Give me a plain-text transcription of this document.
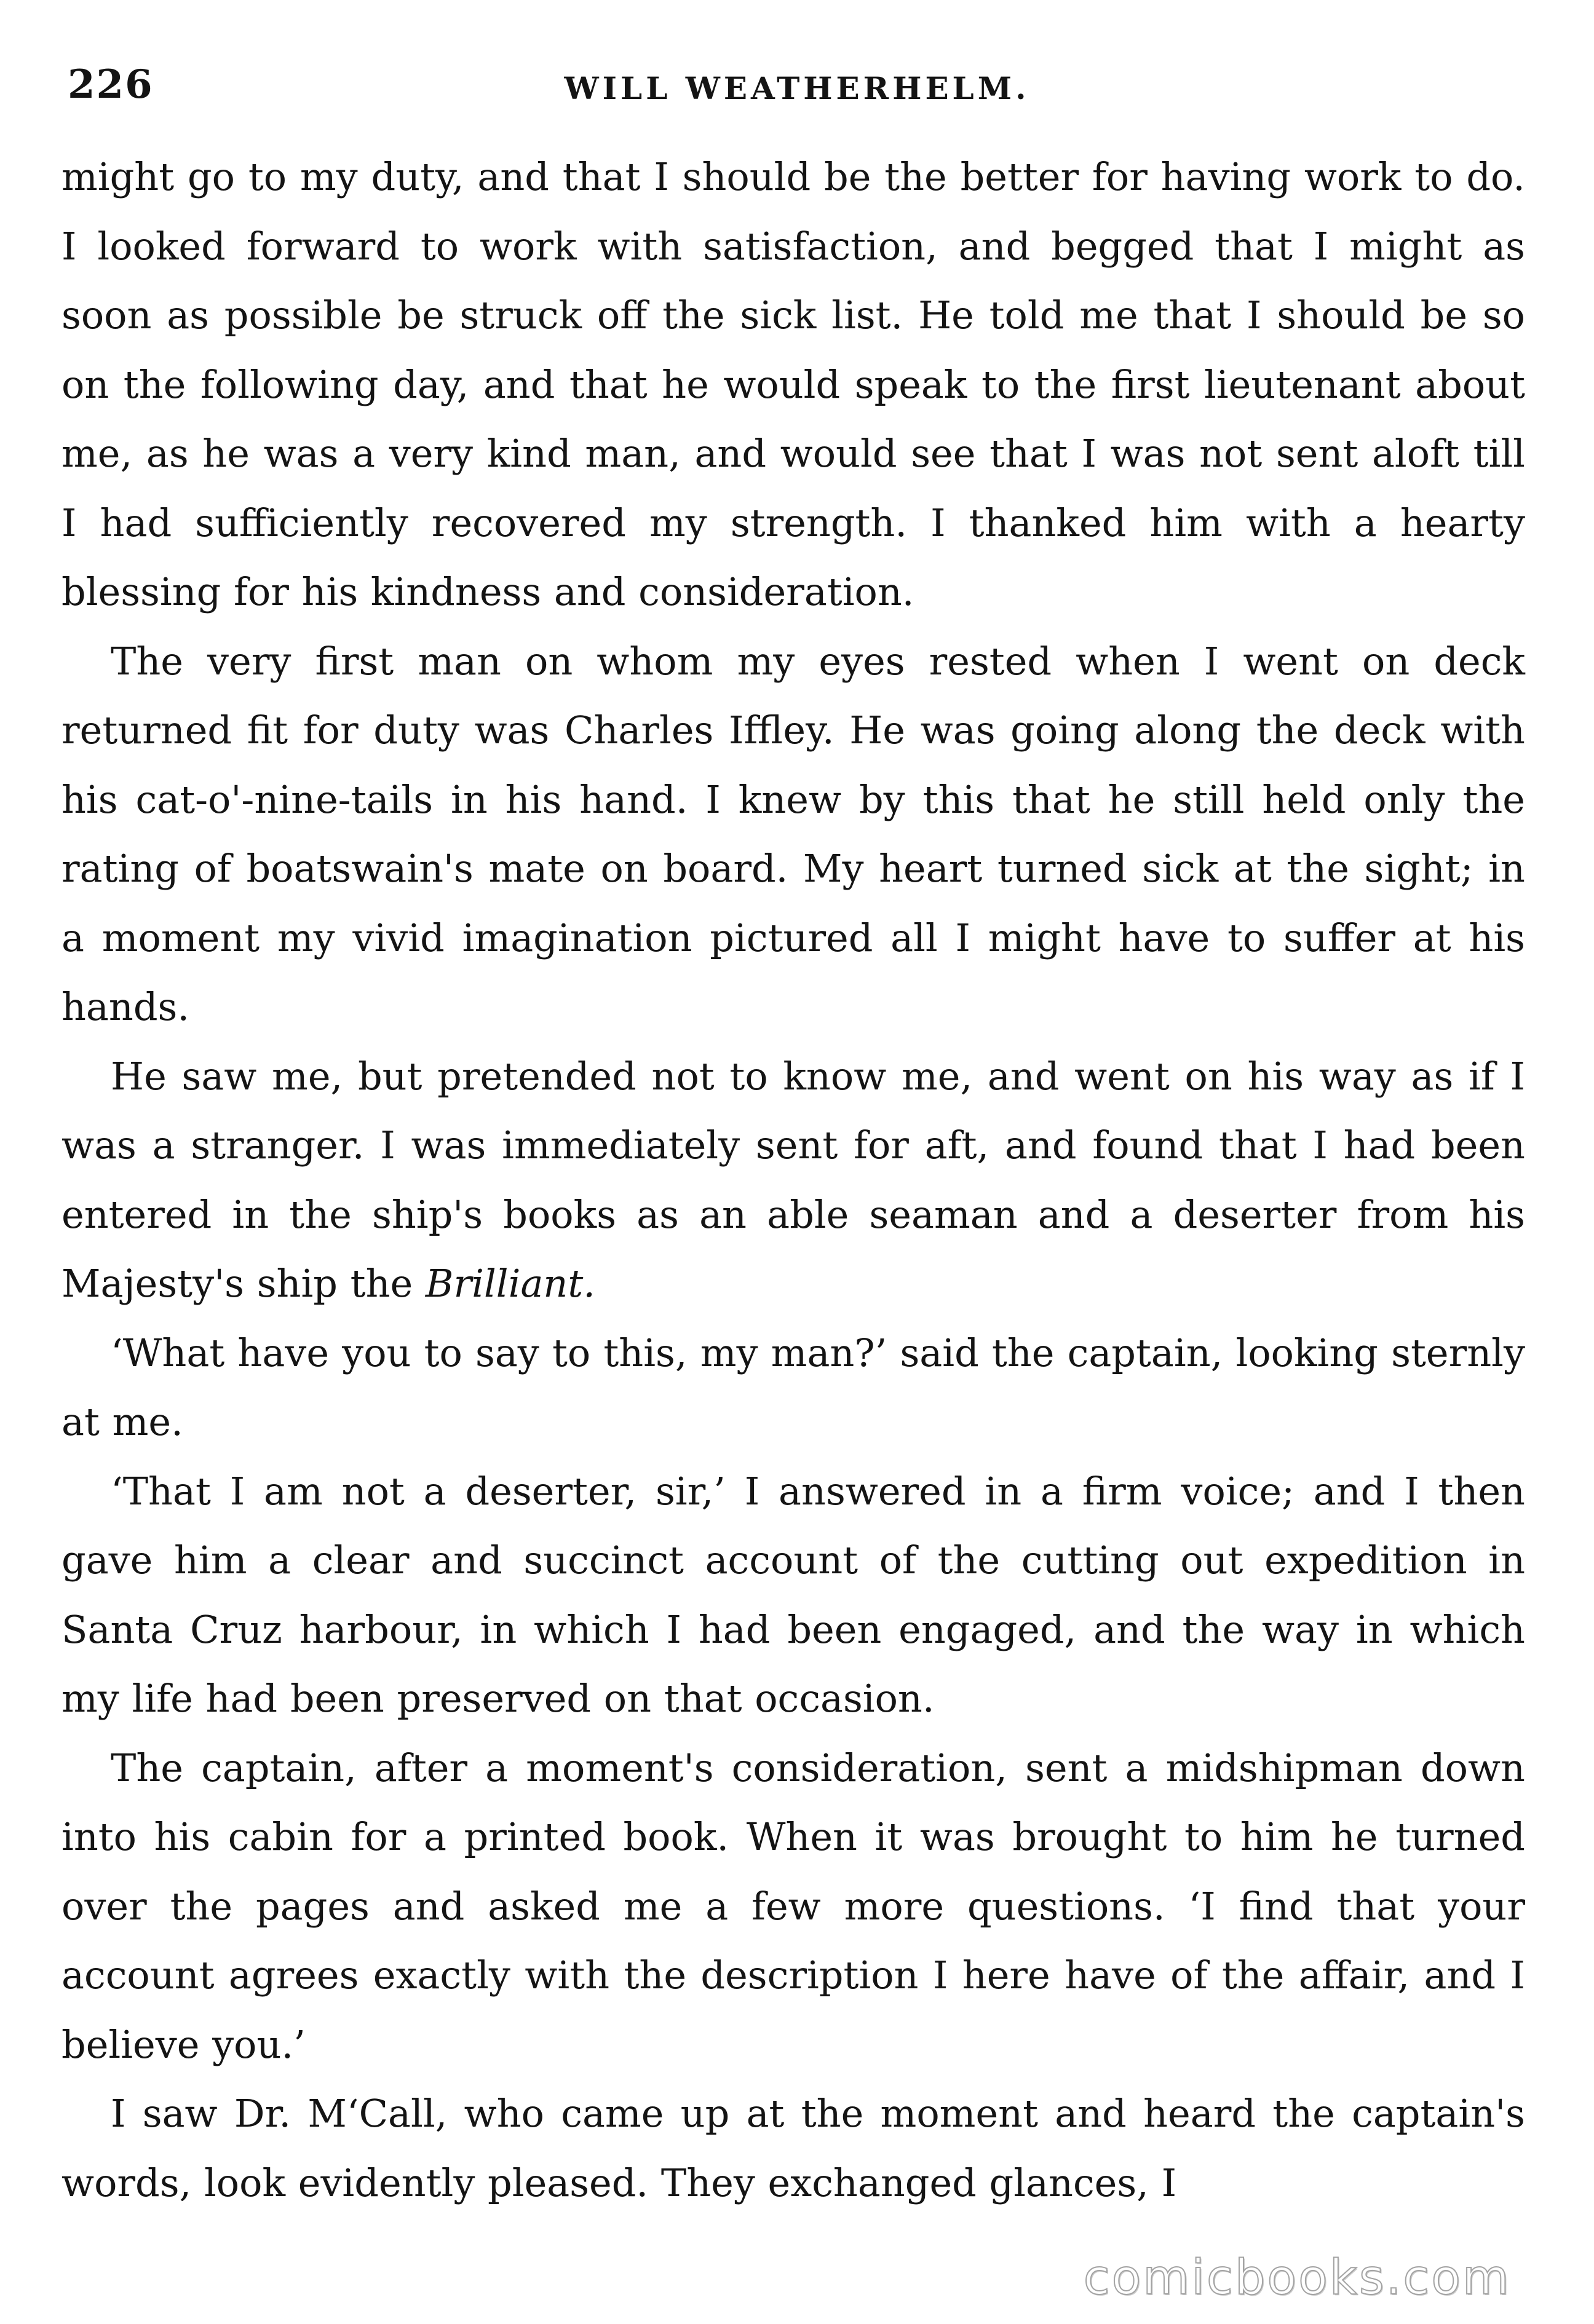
226	WILL WEATHERHELM.

might go to my duty, and that I should be the better for having work to do. I looked forward to work with satisfaction, and begged that I might as soon as possible be struck off the sick list. He told me that I should be so on the following day, and that he would speak to the first lieutenant about me, as he was a very kind man, and would see that I was not sent aloft till I had sufficiently recovered my strength. I thanked him with a hearty blessing for his kindness and consideration.

The very first man on whom my eyes rested when I went on deck returned fit for duty was Charles Iffley. He was going along the deck with his cat-o'-nine-tails in his hand. I knew by this that he still held only the rating of boatswain's mate on board. My heart turned sick at the sight; in a moment my vivid imagination pictured all I might have to suffer at his hands.

He saw me, but pretended not to know me, and went on his way as if I was a stranger. I was immediately sent for aft, and found that I had been entered in the ship's books as an able seaman and a deserter from his Majesty's ship the Brilliant.

‘What have you to say to this, my man?’ said the captain, looking sternly at me.

‘That I am not a deserter, sir,’ I answered in a firm voice; and I then gave him a clear and succinct account of the cutting out expedition in Santa Cruz harbour, in which I had been engaged, and the way in which my life had been preserved on that occasion.

The captain, after a moment's consideration, sent a midshipman down into his cabin for a printed book. When it was brought to him he turned over the pages and asked me a few more questions. ‘I find that your account agrees exactly with the description I here have of the affair, and I believe you.’

I saw Dr. M‘Call, who came up at the moment and heard the captain's words, look evidently pleased. They exchanged glances, I

comicbooks.com
